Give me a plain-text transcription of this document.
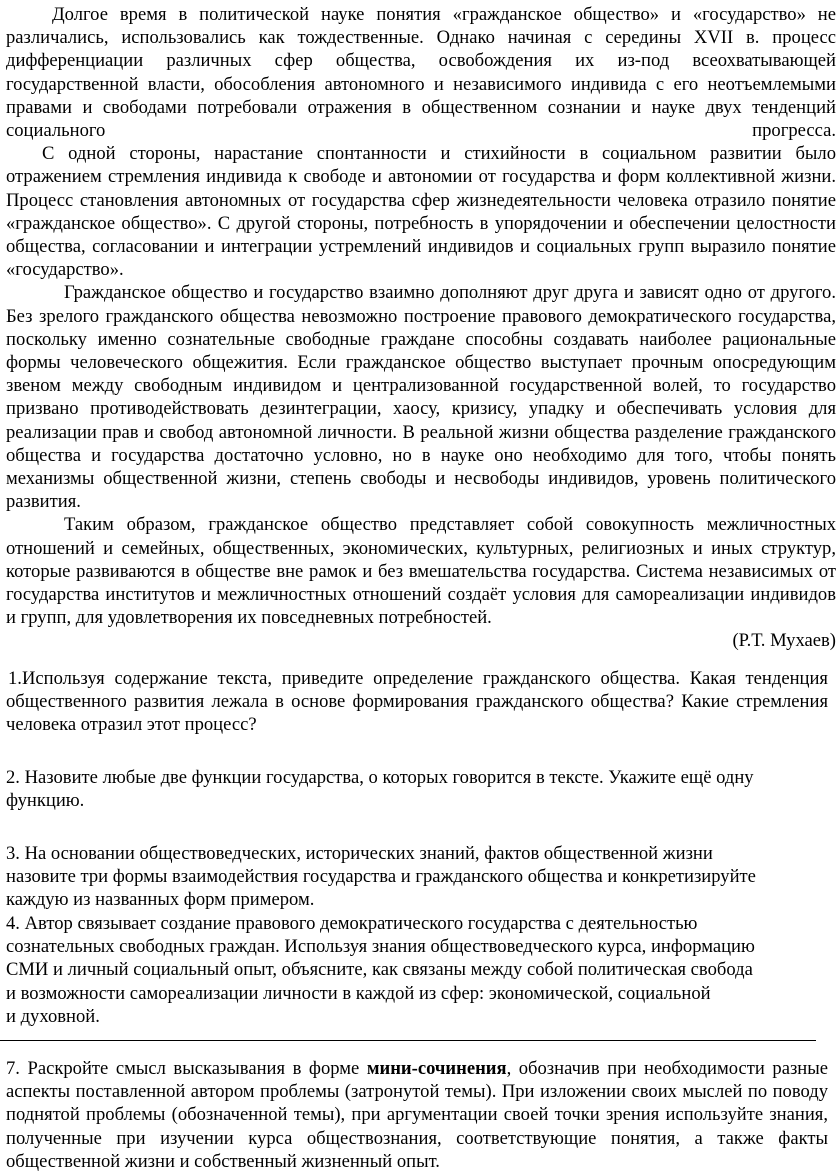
Долгое время в политической науке понятия «гражданское общество» и «государство» не различались, использовались как тождественные. Однако начиная с середины XVII в. процесс дифференциации различных сфер общества, освобождения их из-под всеохватывающей государственной власти, обособления автономного и независимого индивида с его неотъемлемыми правами и свободами потребовали отражения в общественном сознании и науке двух тенденций социального прогресса.

С одной стороны, нарастание спонтанности и стихийности в социальном развитии было отражением стремления индивида к свободе и автономии от государства и форм коллективной жизни. Процесс становления автономных от государства сфер жизнедеятельности человека отразило понятие «гражданское общество». С другой стороны, потребность в упорядочении и обеспечении целостности общества, согласовании и интеграции устремлений индивидов и социальных групп выразило понятие «государство».

Гражданское общество и государство взаимно дополняют друг друга и зависят одно от другого. Без зрелого гражданского общества невозможно построение правового демократического государства, поскольку именно сознательные свободные граждане способны создавать наиболее рациональные формы человеческого общежития. Если гражданское общество выступает прочным опосредующим звеном между свободным индивидом и централизованной государственной волей, то государство призвано противодействовать дезинтеграции, хаосу, кризису, упадку и обеспечивать условия для реализации прав и свобод автономной личности. В реальной жизни общества разделение гражданского общества и государства достаточно условно, но в науке оно необходимо для того, чтобы понять механизмы общественной жизни, степень свободы и несвободы индивидов, уровень политического развития.

Таким образом, гражданское общество представляет собой совокупность межличностных отношений и семейных, общественных, экономических, культурных, религиозных и иных структур, которые развиваются в обществе вне рамок и без вмешательства государства. Система независимых от государства институтов и межличностных отношений создаёт условия для самореализации индивидов и групп, для удовлетворения их повседневных потребностей.

(Р.Т. Мухаев)

1.Используя содержание текста, приведите определение гражданского общества. Какая тенденция общественного развития лежала в основе формирования гражданского общества? Какие стремления человека отразил этот процесс?

2. Назовите любые две функции государства, о которых говорится в тексте. Укажите ещё одну функцию.

3. На основании обществоведческих, исторических знаний, фактов общественной жизни
назовите три формы взаимодействия государства и гражданского общества и конкретизируйте
каждую из названных форм примером.
4. Автор связывает создание правового демократического государства с деятельностью
сознательных свободных граждан. Используя знания обществоведческого курса, информацию
СМИ и личный социальный опыт, объясните, как связаны между собой политическая свобода
и возможности самореализации личности в каждой из сфер: экономической, социальной
и духовной.

7. Раскройте смысл высказывания в форме мини-сочинения, обозначив при необходимости разные аспекты поставленной автором проблемы (затронутой темы). При изложении своих мыслей по поводу поднятой проблемы (обозначенной темы), при аргументации своей точки зрения используйте знания, полученные при изучении курса обществознания, соответствующие понятия, а также факты общественной жизни и собственный жизненный опыт.
